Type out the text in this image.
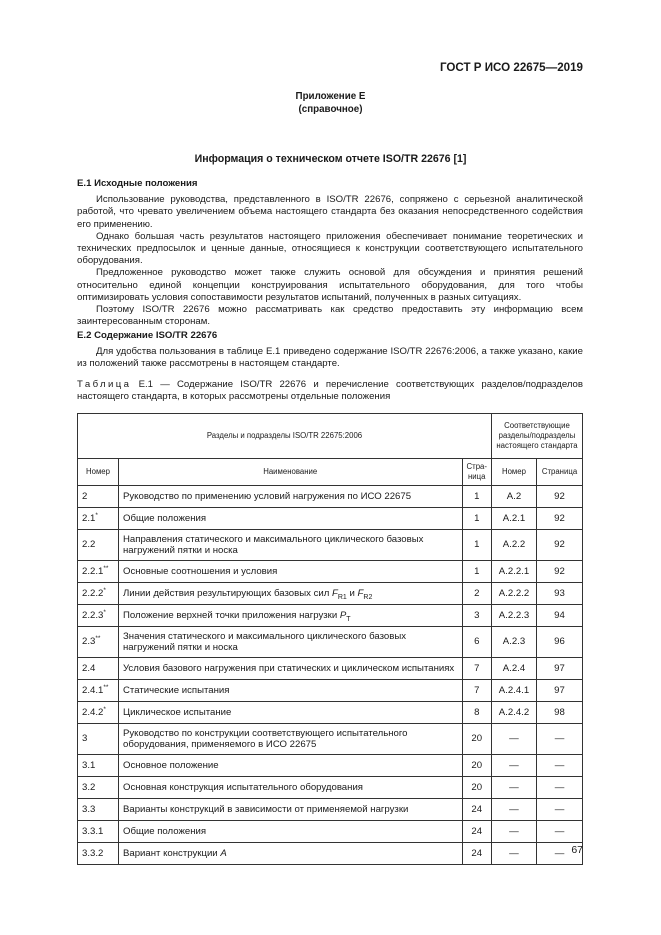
ГОСТ Р ИСО 22675—2019
Приложение Е
(справочное)
Информация о техническом отчете ISO/TR 22676 [1]
Е.1 Исходные положения

Использование руководства, представленного в ISO/TR 22676, сопряжено с серьезной аналитической работой, что чревато увеличением объема настоящего стандарта без оказания непосредственного содействия его применению.

Однако большая часть результатов настоящего приложения обеспечивает понимание теоретических и технических предпосылок и ценные данные, относящиеся к конструкции соответствующего испытательного оборудования.

Предложенное руководство может также служить основой для обсуждения и принятия решений относительно единой концепции конструирования испытательного оборудования, для того чтобы оптимизировать условия сопоставимости результатов испытаний, полученных в разных ситуациях.

Поэтому ISO/TR 22676 можно рассматривать как средство предоставить эту информацию всем заинтересованным сторонам.

Е.2 Содержание ISO/TR 22676

Для удобства пользования в таблице Е.1 приведено содержание ISO/TR 22676:2006, а также указано, какие из положений также рассмотрены в настоящем стандарте.

Таблица Е.1 — Содержание ISO/TR 22676 и перечисление соответствующих разделов/подразделов настоящего стандарта, в которых рассмотрены отдельные положения
Разделы и подразделы ISO/TR 22675:2006			Соответствующие разделы/подразделы настоящего стандарта	
Номер	Наименование	Стра-ница	Номер	Страница
2	Руководство по применению условий нагружения по ИСО 22675	1	А.2	92
2.1*	Общие положения	1	А.2.1	92
2.2	Направления статического и максимального циклического базовых нагружений пятки и носка	1	А.2.2	92
2.2.1**	Основные соотношения и условия	1	А.2.2.1	92
2.2.2*	Линии действия результирующих базовых сил $F_{R1}$ и $F_{R2}$	2	А.2.2.2	93
2.2.3*	Положение верхней точки приложения нагрузки $P_T$	3	А.2.2.3	94
2.3**	Значения статического и максимального циклического базовых нагружений пятки и носка	6	А.2.3	96
2.4	Условия базового нагружения при статических и циклическом испытаниях	7	А.2.4	97
2.4.1**	Статические испытания	7	А.2.4.1	97
2.4.2*	Циклическое испытание	8	А.2.4.2	98
3	Руководство по конструкции соответствующего испытательного оборудования, применяемого в ИСО 22675	20	—	—
3.1	Основное положение	20	—	—
3.2	Основная конструкция испытательного оборудования	20	—	—
3.3	Варианты конструкций в зависимости от применяемой нагрузки	24	—	—
3.3.1	Общие положения	24	—	—
3.3.2	Вариант конструкции А	24	—	— 67
